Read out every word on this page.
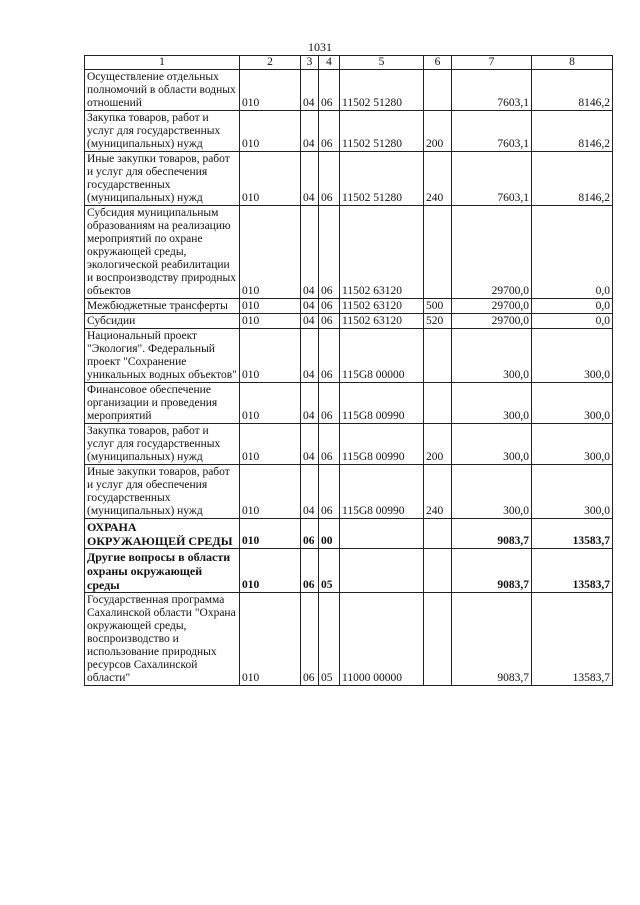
1031
1	2	3	4	5	6	7	8
Осуществление отдельных полномочий в области водных отношений	010	04	06	11502 51280		7603,1	8146,2
Закупка товаров, работ и услуг для государственных (муниципальных) нужд	010	04	06	11502 51280	200	7603,1	8146,2
Иные закупки товаров, работ и услуг для обеспечения государственных (муниципальных) нужд	010	04	06	11502 51280	240	7603,1	8146,2
Субсидия муниципальным образованиям на реализацию мероприятий по охране окружающей среды, экологической реабилитации и воспроизводству природных объектов	010	04	06	11502 63120		29700,0	0,0
Межбюджетные трансферты	010	04	06	11502 63120	500	29700,0	0,0
Субсидии	010	04	06	11502 63120	520	29700,0	0,0
Национальный проект "Экология". Федеральный проект "Сохранение уникальных водных объектов"	010	04	06	115G8 00000		300,0	300,0
Финансовое обеспечение организации и проведения мероприятий	010	04	06	115G8 00990		300,0	300,0
Закупка товаров, работ и услуг для государственных (муниципальных) нужд	010	04	06	115G8 00990	200	300,0	300,0
Иные закупки товаров, работ и услуг для обеспечения государственных (муниципальных) нужд	010	04	06	115G8 00990	240	300,0	300,0
ОХРАНА ОКРУЖАЮЩЕЙ СРЕДЫ	010	06	00			9083,7	13583,7
Другие вопросы в области охраны окружающей среды	010	06	05			9083,7	13583,7
Государственная программа Сахалинской области "Охрана окружающей среды, воспроизводство и использование природных ресурсов Сахалинской области"	010	06	05	11000 00000		9083,7	13583,7
